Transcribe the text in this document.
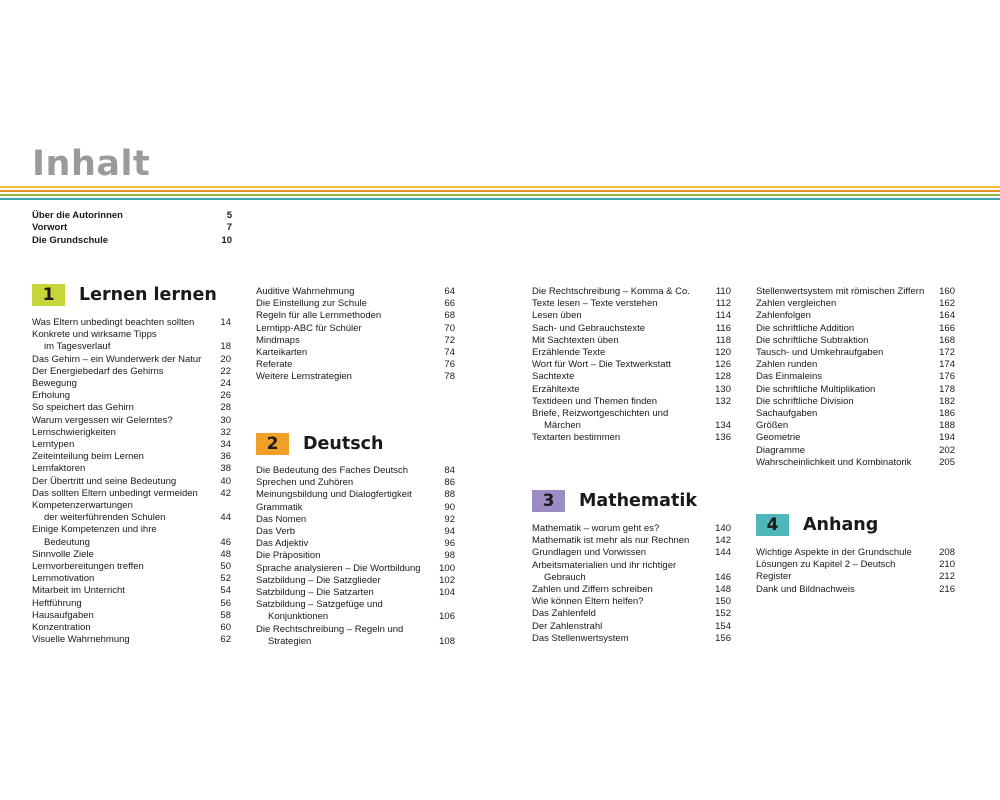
Inhalt
Über die Autorinnen	5
Vorwort	7
Die Grundschule	10
1	Lernen lernen
2	Deutsch
3	Mathematik
4	Anhang
Was Eltern unbedingt beachten sollten	14
Konkrete und wirksame Tipps
im Tagesverlauf	18
Das Gehirn – ein Wunderwerk der Natur	20
Der Energiebedarf des Gehirns	22
Bewegung	24
Erholung	26
So speichert das Gehirn	28
Warum vergessen wir Gelerntes?	30
Lernschwierigkeiten	32
Lerntypen	34
Zeiteinteilung beim Lernen	36
Lernfaktoren	38
Der Übertritt und seine Bedeutung	40
Das sollten Eltern unbedingt vermeiden	42
Kompetenzerwartungen
der weiterführenden Schulen	44
Einige Kompetenzen und ihre
Bedeutung	46
Sinnvolle Ziele	48
Lernvorbereitungen treffen	50
Lernmotivation	52
Mitarbeit im Unterricht	54
Heftführung	56
Hausaufgaben	58
Konzentration	60
Visuelle Wahrnehmung	62
Auditive Wahrnehmung	64
Die Einstellung zur Schule	66
Regeln für alle Lernmethoden	68
Lerntipp-ABC für Schüler	70
Mindmaps	72
Karteikarten	74
Referate	76
Weitere Lernstrategien	78
Die Bedeutung des Faches Deutsch	84
Sprechen und Zuhören	86
Meinungsbildung und Dialogfertigkeit	88
Grammatik	90
Das Nomen	92
Das Verb	94
Das Adjektiv	96
Die Präposition	98
Sprache analysieren – Die Wortbildung	100
Satzbildung – Die Satzglieder	102
Satzbildung – Die Satzarten	104
Satzbildung – Satzgefüge und
Konjunktionen	106
Die Rechtschreibung – Regeln und
Strategien	108
Die Rechtschreibung – Komma & Co.	110
Texte lesen – Texte verstehen	112
Lesen üben	114
Sach- und Gebrauchstexte	116
Mit Sachtexten üben	118
Erzählende Texte	120
Wort für Wort – Die Textwerkstatt	126
Sachtexte	128
Erzähltexte	130
Textideen und Themen finden	132
Briefe, Reizwortgeschichten und
Märchen	134
Textarten bestimmen	136
Mathematik – worum geht es?	140
Mathematik ist mehr als nur Rechnen	142
Grundlagen und Vorwissen	144
Arbeitsmaterialien und ihr richtiger
Gebrauch	146
Zahlen und Ziffern schreiben	148
Wie können Eltern helfen?	150
Das Zahlenfeld	152
Der Zahlenstrahl	154
Das Stellenwertsystem	156
Stellenwertsystem mit römischen Ziffern	160
Zahlen vergleichen	162
Zahlenfolgen	164
Die schriftliche Addition	166
Die schriftliche Subtraktion	168
Tausch- und Umkehraufgaben	172
Zahlen runden	174
Das Einmaleins	176
Die schriftliche Multiplikation	178
Die schriftliche Division	182
Sachaufgaben	186
Größen	188
Geometrie	194
Diagramme	202
Wahrscheinlichkeit und Kombinatorik	205
Wichtige Aspekte in der Grundschule	208
Lösungen zu Kapitel 2 – Deutsch	210
Register	212
Dank und Bildnachweis	216
